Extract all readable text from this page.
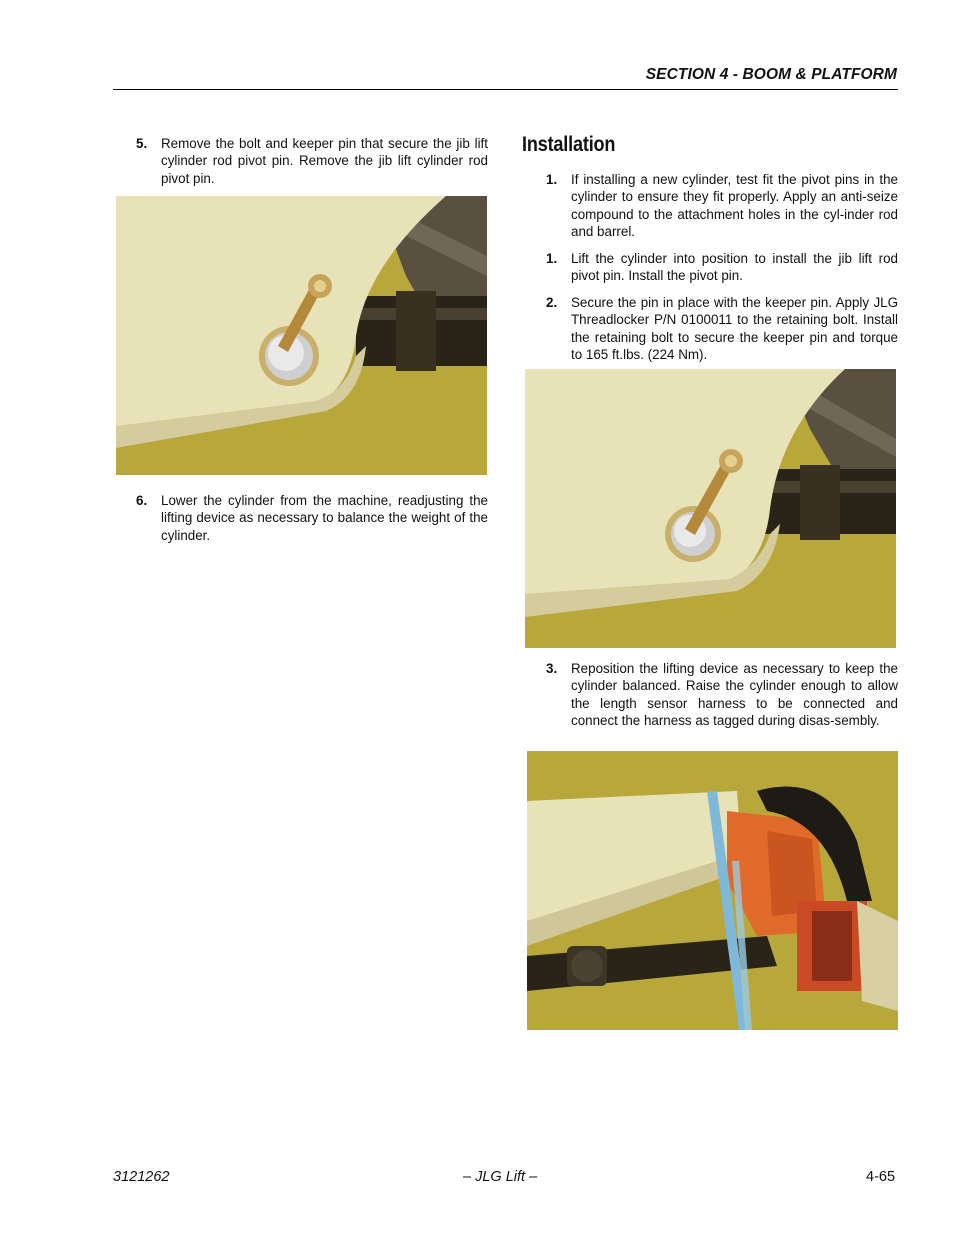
SECTION 4 - BOOM & PLATFORM
5. Remove the bolt and keeper pin that secure the jib lift cylinder rod pivot pin. Remove the jib lift cylinder rod pivot pin.
6. Lower the cylinder from the machine, readjusting the lifting device as necessary to balance the weight of the cylinder.
Installation
1. If installing a new cylinder, test fit the pivot pins in the cylinder to ensure they fit properly. Apply an anti-seize compound to the attachment holes in the cyl-inder rod and barrel.
1. Lift the cylinder into position to install the jib lift rod pivot pin. Install the pivot pin.
2. Secure the pin in place with the keeper pin. Apply JLG Threadlocker P/N 0100011 to the retaining bolt. Install the retaining bolt to secure the keeper pin and torque to 165 ft.lbs. (224 Nm).
3. Reposition the lifting device as necessary to keep the cylinder balanced. Raise the cylinder enough to allow the length sensor harness to be connected and connect the harness as tagged during disas-sembly.
3121262	– JLG Lift –	4-65
